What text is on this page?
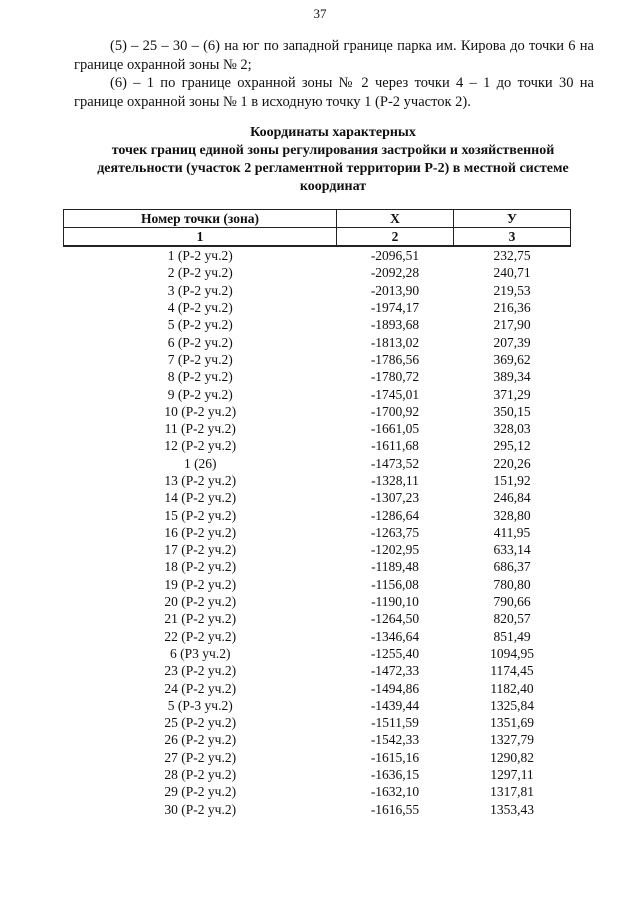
37
(5) – 25 – 30 – (6) на юг по западной границе парка им. Кирова до точки 6 на границе охранной зоны № 2;
(6) – 1 по границе охранной зоны № 2 через точки 4 – 1 до точки 30 на границе охранной зоны № 1 в исходную точку 1 (Р-2 участок 2).
Координаты характерных
точек границ единой зоны регулирования застройки и хозяйственной
деятельности (участок 2 регламентной территории Р-2) в местной системе
координат
Номер точки (зона)	Х	У
1	2	3
1 (Р-2 уч.2)	-2096,51	232,75
2 (Р-2 уч.2)	-2092,28	240,71
3 (Р-2 уч.2)	-2013,90	219,53
4 (Р-2 уч.2)	-1974,17	216,36
5 (Р-2 уч.2)	-1893,68	217,90
6 (Р-2 уч.2)	-1813,02	207,39
7 (Р-2 уч.2)	-1786,56	369,62
8 (Р-2 уч.2)	-1780,72	389,34
9 (Р-2 уч.2)	-1745,01	371,29
10 (Р-2 уч.2)	-1700,92	350,15
11 (Р-2 уч.2)	-1661,05	328,03
12 (Р-2 уч.2)	-1611,68	295,12
1 (26)	-1473,52	220,26
13 (Р-2 уч.2)	-1328,11	151,92
14 (Р-2 уч.2)	-1307,23	246,84
15 (Р-2 уч.2)	-1286,64	328,80
16 (Р-2 уч.2)	-1263,75	411,95
17 (Р-2 уч.2)	-1202,95	633,14
18 (Р-2 уч.2)	-1189,48	686,37
19 (Р-2 уч.2)	-1156,08	780,80
20 (Р-2 уч.2)	-1190,10	790,66
21 (Р-2 уч.2)	-1264,50	820,57
22 (Р-2 уч.2)	-1346,64	851,49
6 (Р3 уч.2)	-1255,40	1094,95
23 (Р-2 уч.2)	-1472,33	1174,45
24 (Р-2 уч.2)	-1494,86	1182,40
5 (Р-3 уч.2)	-1439,44	1325,84
25 (Р-2 уч.2)	-1511,59	1351,69
26 (Р-2 уч.2)	-1542,33	1327,79
27 (Р-2 уч.2)	-1615,16	1290,82
28 (Р-2 уч.2)	-1636,15	1297,11
29 (Р-2 уч.2)	-1632,10	1317,81
30 (Р-2 уч.2)	-1616,55	1353,43
